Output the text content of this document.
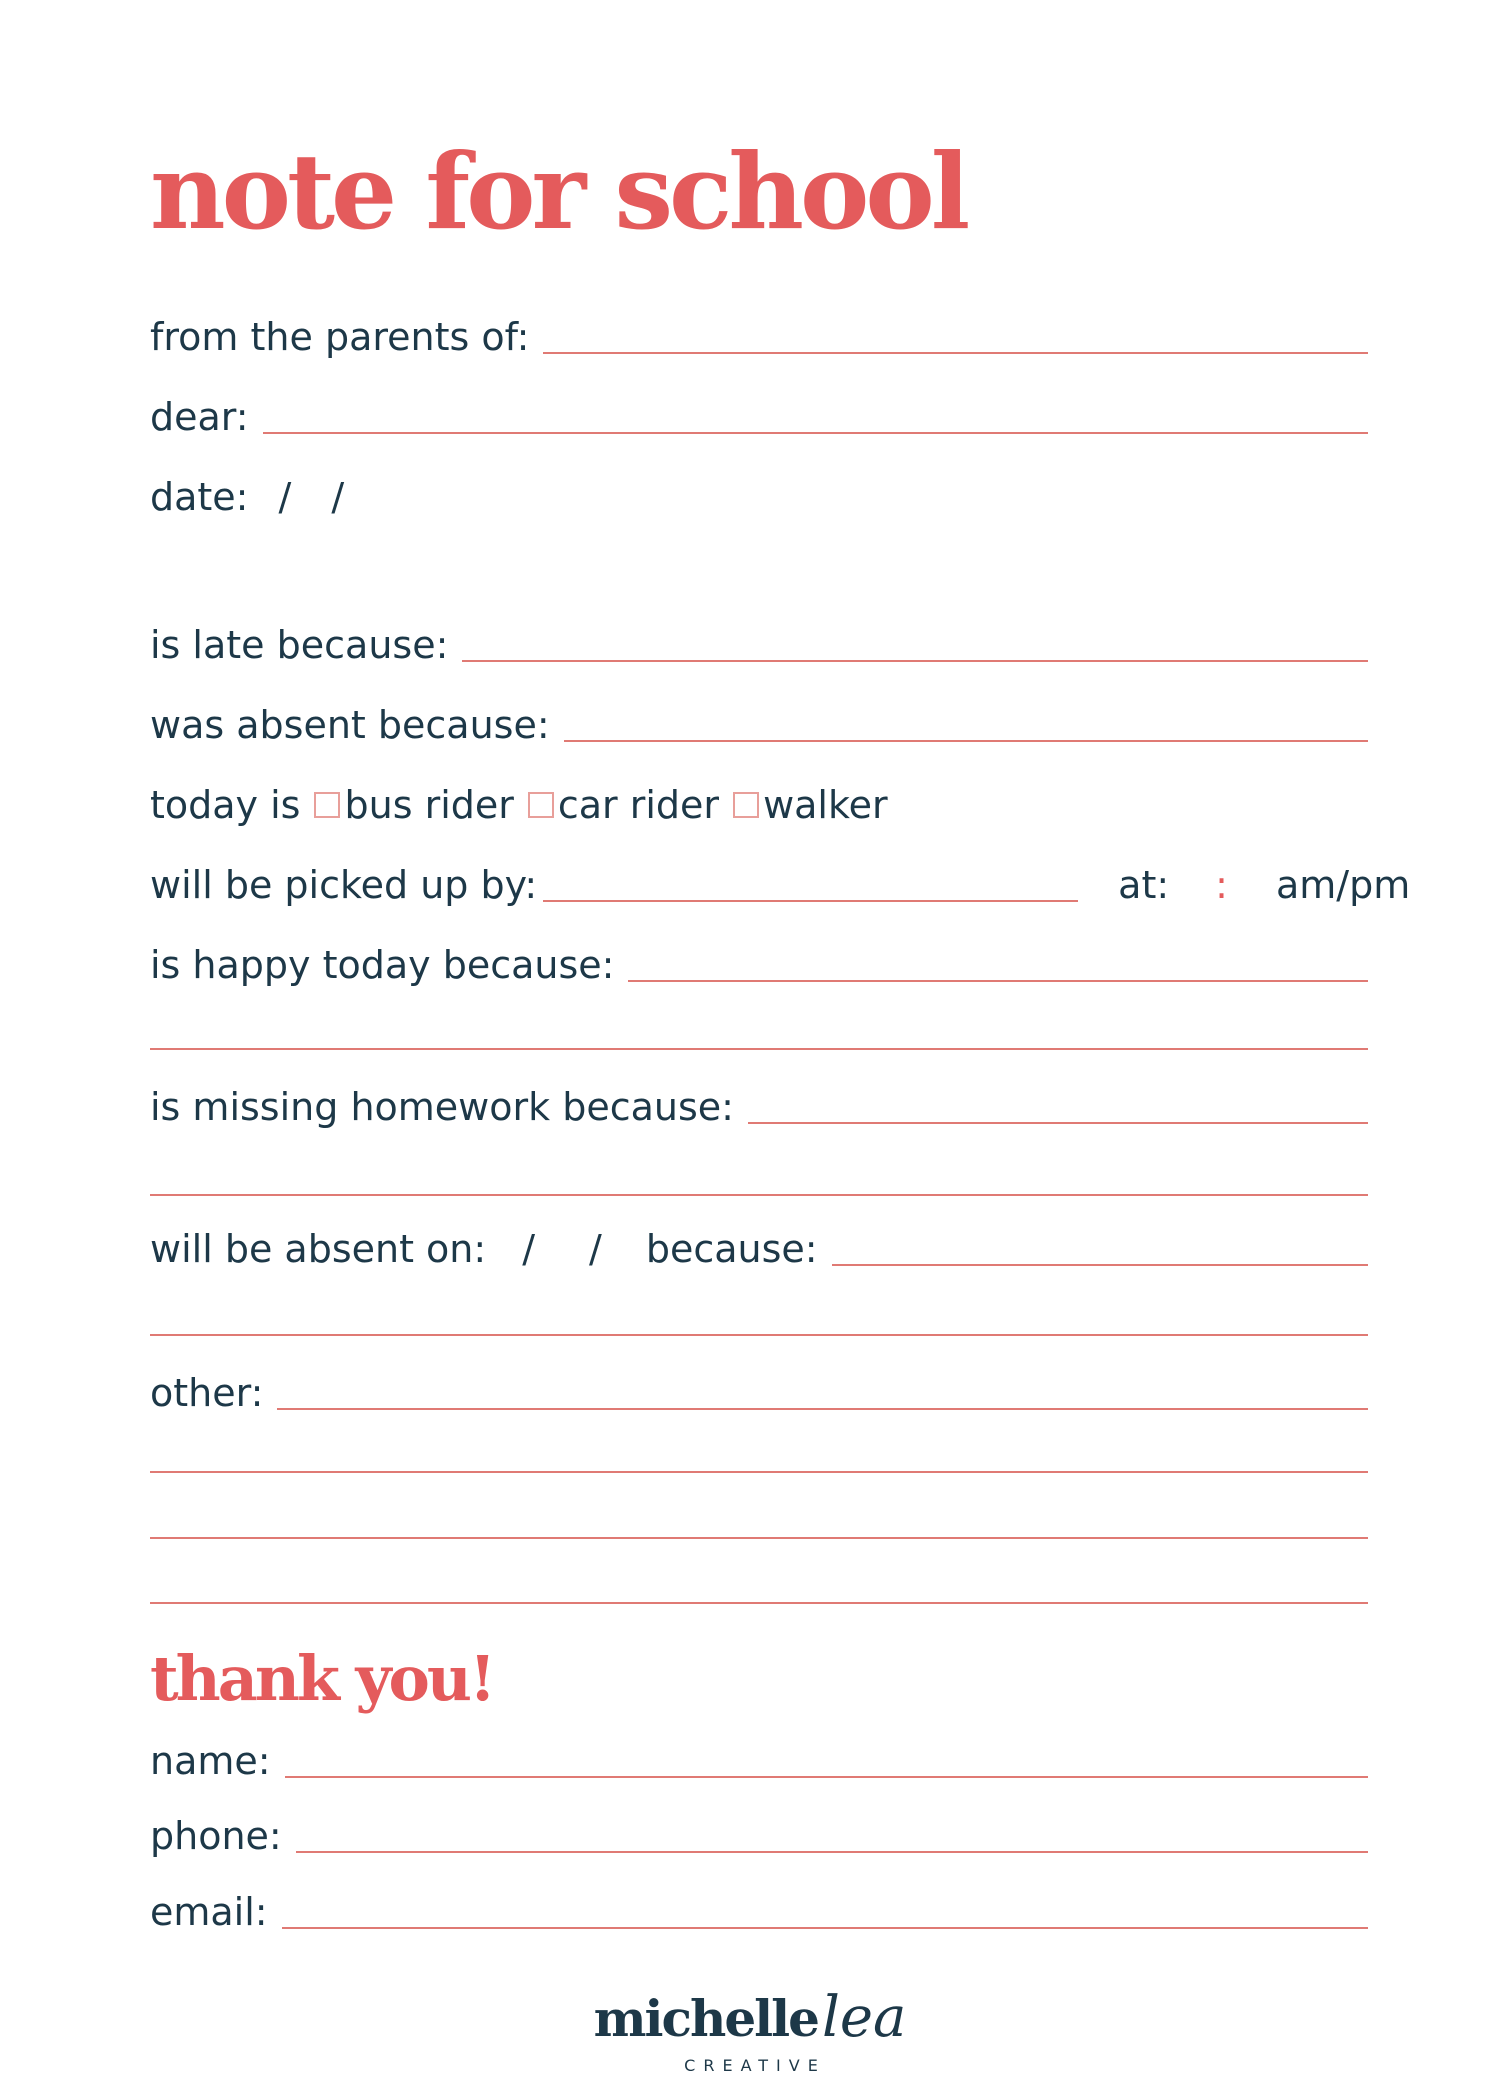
note for school
from the parents of:
dear:
date: / /
is late because:
was absent because:
today is bus rider car rider walker
will be picked up by:	at: : am/pm
is happy today because:
is missing homework because:
will be absent on: / / because:
other:
thank you!
name:
phone:
email:
michellelea
CREATIVE
